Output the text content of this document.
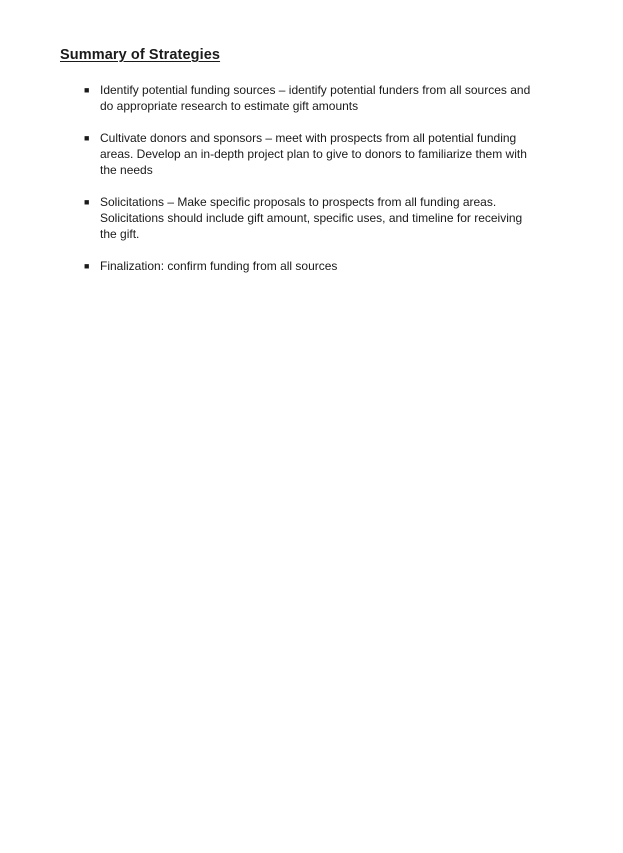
Summary of Strategies
■ Identify potential funding sources – identify potential funders from all sources and do appropriate research to estimate gift amounts
■ Cultivate donors and sponsors – meet with prospects from all potential funding areas. Develop an in-depth project plan to give to donors to familiarize them with the needs
■ Solicitations – Make specific proposals to prospects from all funding areas. Solicitations should include gift amount, specific uses, and timeline for receiving the gift.
■ Finalization: confirm funding from all sources
